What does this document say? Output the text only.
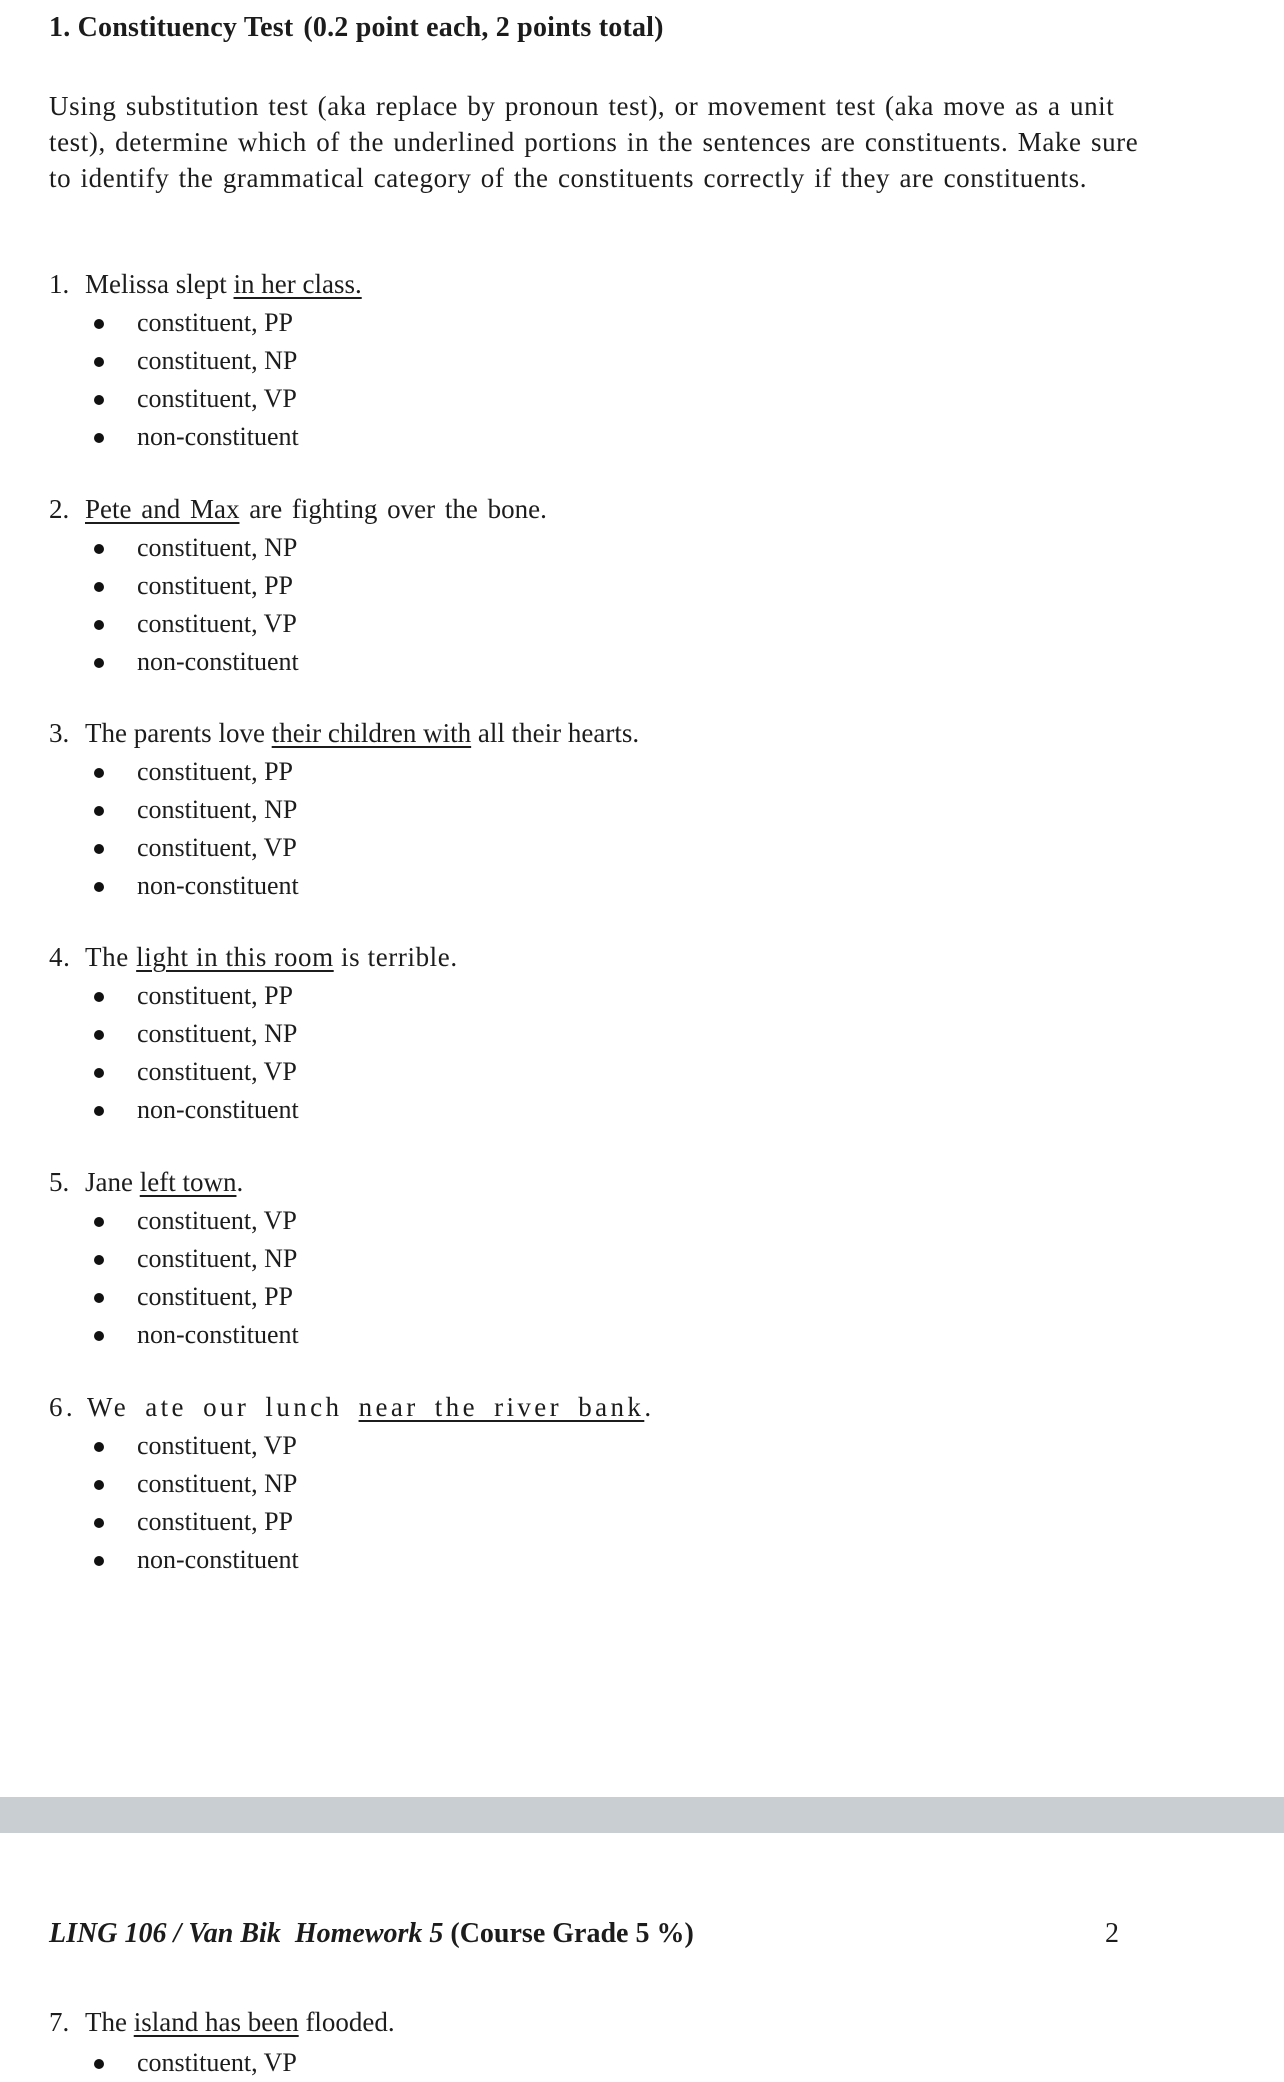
1. Constituency Test (0.2 point each, 2 points total)

Using substitution test (aka replace by pronoun test), or movement test (aka move as a unit test), determine which of the underlined portions in the sentences are constituents. Make sure to identify the grammatical category of the constituents correctly if they are constituents.

1. Melissa slept in her class.
constituent, PP
constituent, NP
constituent, VP
non-constituent
2. Pete and Max are fighting over the bone.
constituent, NP
constituent, PP
constituent, VP
non-constituent
3. The parents love their children with all their hearts.
constituent, PP
constituent, NP
constituent, VP
non-constituent
4. The light in this room is terrible.
constituent, PP
constituent, NP
constituent, VP
non-constituent
5. Jane left town.
constituent, VP
constituent, NP
constituent, PP
non-constituent
6. We ate our lunch near the river bank.
constituent, VP
constituent, NP
constituent, PP
non-constituent
LING 106 / Van Bik Homework 5 (Course Grade 5 %)	2
7. The island has been flooded.
constituent, VP
